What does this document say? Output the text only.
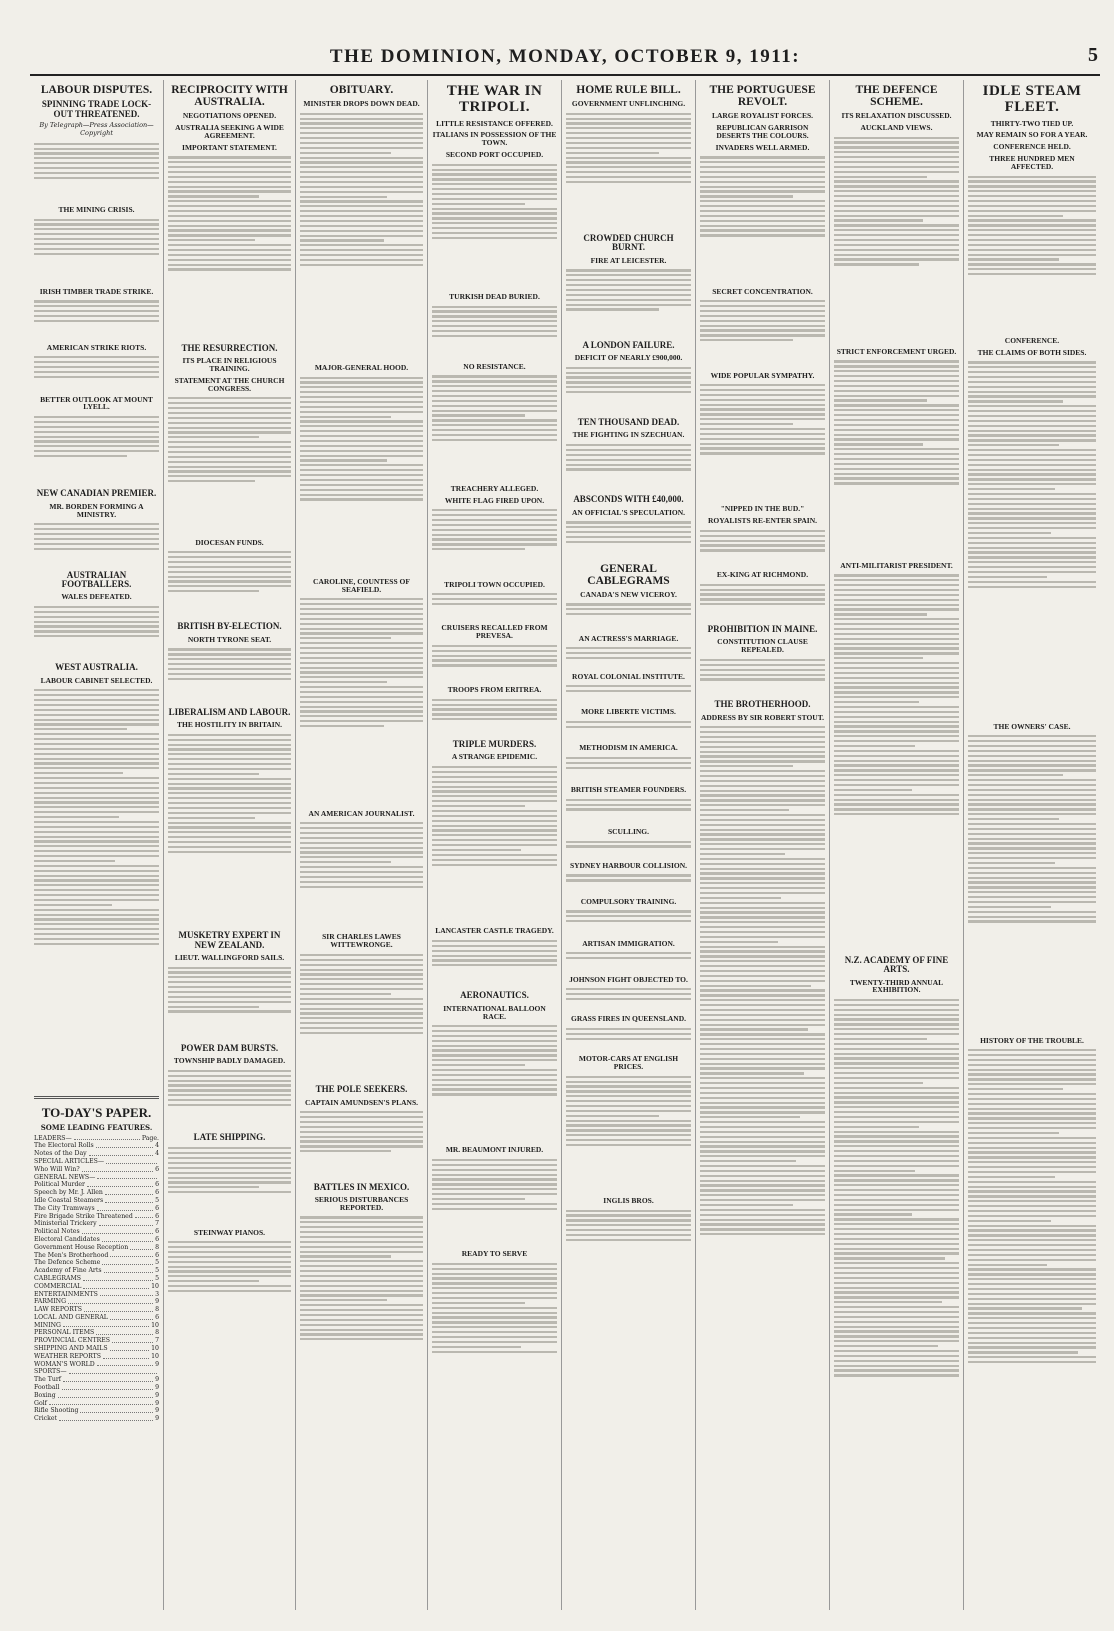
THE DOMINION, MONDAY, OCTOBER 9, 1911:	5
LABOUR DISPUTES.
SPINNING TRADE LOCK-OUT THREATENED.
By Telegraph—Press Association—Copyright
THE MINING CRISIS.
IRISH TIMBER TRADE STRIKE.
AMERICAN STRIKE RIOTS.
BETTER OUTLOOK AT MOUNT LYELL.
NEW CANADIAN PREMIER.
MR. BORDEN FORMING A MINISTRY.
AUSTRALIAN FOOTBALLERS.
WALES DEFEATED.
WEST AUSTRALIA.
LABOUR CABINET SELECTED.
TO-DAY'S PAPER.
SOME LEADING FEATURES.
LEADERS—	Page.
The Electoral Rolls	4
Notes of the Day	4
SPECIAL ARTICLES—
Who Will Win?	6
GENERAL NEWS—
Political Murder	6
Speech by Mr. J. Allen	6
Idle Coastal Steamers	5
The City Tramways	6
Fire Brigade Strike Threatened	6
Ministerial Trickery	7
Political Notes	6
Electoral Candidates	6
Government House Reception	8
The Men's Brotherhood	6
The Defence Scheme	5
Academy of Fine Arts	5
CABLEGRAMS	5
COMMERCIAL	10
ENTERTAINMENTS	3
FARMING	9
LAW REPORTS	8
LOCAL AND GENERAL	6
MINING	10
PERSONAL ITEMS	8
PROVINCIAL CENTRES	7
SHIPPING AND MAILS	10
WEATHER REPORTS	10
WOMAN'S WORLD	9
SPORTS—
The Turf	9
Football	9
Boxing	9
Golf	9
Rifle Shooting	9
Cricket	9
RECIPROCITY WITH AUSTRALIA.
NEGOTIATIONS OPENED.
AUSTRALIA SEEKING A WIDE AGREEMENT.
IMPORTANT STATEMENT.
THE RESURRECTION.
ITS PLACE IN RELIGIOUS TRAINING.
STATEMENT AT THE CHURCH CONGRESS.
DIOCESAN FUNDS.
BRITISH BY-ELECTION.
NORTH TYRONE SEAT.
LIBERALISM AND LABOUR.
THE HOSTILITY IN BRITAIN.
MUSKETRY EXPERT IN NEW ZEALAND.
LIEUT. WALLINGFORD SAILS.
POWER DAM BURSTS.
TOWNSHIP BADLY DAMAGED.
LATE SHIPPING.
STEINWAY PIANOS.
OBITUARY.
MINISTER DROPS DOWN DEAD.
MAJOR-GENERAL HOOD.
CAROLINE, COUNTESS OF SEAFIELD.
AN AMERICAN JOURNALIST.
SIR CHARLES LAWES WITTEWRONGE.
THE POLE SEEKERS.
CAPTAIN AMUNDSEN'S PLANS.
BATTLES IN MEXICO.
SERIOUS DISTURBANCES REPORTED.
THE WAR IN TRIPOLI.
LITTLE RESISTANCE OFFERED.
ITALIANS IN POSSESSION OF THE TOWN.
SECOND PORT OCCUPIED.
TURKISH DEAD BURIED.
NO RESISTANCE.
TREACHERY ALLEGED.
WHITE FLAG FIRED UPON.
TRIPOLI TOWN OCCUPIED.
CRUISERS RECALLED FROM PREVESA.
TROOPS FROM ERITREA.
TRIPLE MURDERS.
A STRANGE EPIDEMIC.
LANCASTER CASTLE TRAGEDY.
AERONAUTICS.
INTERNATIONAL BALLOON RACE.
MR. BEAUMONT INJURED.
READY TO SERVE
HOME RULE BILL.
GOVERNMENT UNFLINCHING.
CROWDED CHURCH BURNT.
FIRE AT LEICESTER.
A LONDON FAILURE.
DEFICIT OF NEARLY £900,000.
TEN THOUSAND DEAD.
THE FIGHTING IN SZECHUAN.
ABSCONDS WITH £40,000.
AN OFFICIAL'S SPECULATION.
GENERAL CABLEGRAMS
CANADA'S NEW VICEROY.
AN ACTRESS'S MARRIAGE.
ROYAL COLONIAL INSTITUTE.
MORE LIBERTE VICTIMS.
METHODISM IN AMERICA.
BRITISH STEAMER FOUNDERS.
SCULLING.
SYDNEY HARBOUR COLLISION.
COMPULSORY TRAINING.
ARTISAN IMMIGRATION.
JOHNSON FIGHT OBJECTED TO.
GRASS FIRES IN QUEENSLAND.
MOTOR-CARS AT ENGLISH PRICES.
INGLIS BROS.
THE PORTUGUESE REVOLT.
LARGE ROYALIST FORCES.
REPUBLICAN GARRISON DESERTS THE COLOURS.
INVADERS WELL ARMED.
SECRET CONCENTRATION.
WIDE POPULAR SYMPATHY.
"NIPPED IN THE BUD."
ROYALISTS RE-ENTER SPAIN.
EX-KING AT RICHMOND.
PROHIBITION IN MAINE.
CONSTITUTION CLAUSE REPEALED.
THE BROTHERHOOD.
ADDRESS BY SIR ROBERT STOUT.
THE DEFENCE SCHEME.
ITS RELAXATION DISCUSSED.
AUCKLAND VIEWS.
STRICT ENFORCEMENT URGED.
ANTI-MILITARIST PRESIDENT.
N.Z. ACADEMY OF FINE ARTS.
TWENTY-THIRD ANNUAL EXHIBITION.
IDLE STEAM FLEET.
THIRTY-TWO TIED UP.
MAY REMAIN SO FOR A YEAR.
CONFERENCE HELD.
THREE HUNDRED MEN AFFECTED.
CONFERENCE.
THE CLAIMS OF BOTH SIDES.
THE OWNERS' CASE.
HISTORY OF THE TROUBLE.
